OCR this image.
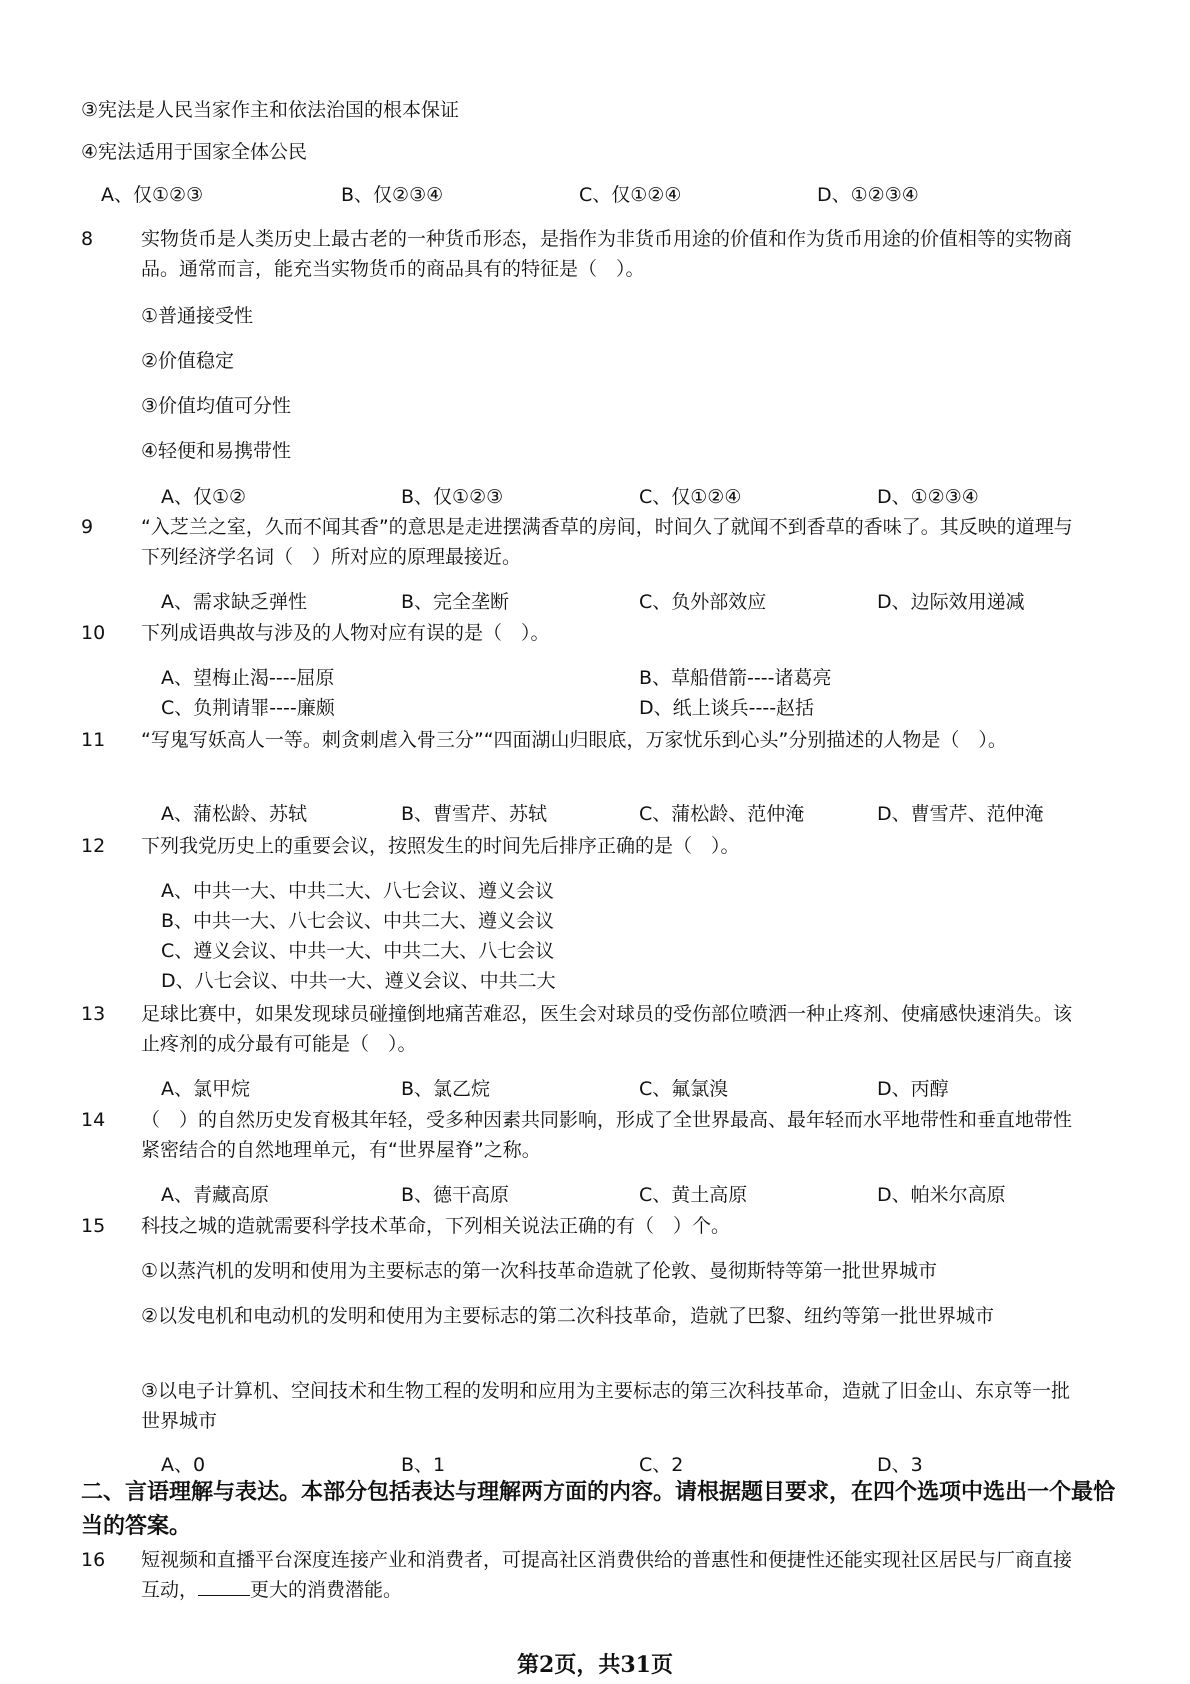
③宪法是人民当家作主和依法治国的根本保证
④宪法适用于国家全体公民
A、仅①②③	B、仅②③④	C、仅①②④	D、①②③④
8	实物货币是人类历史上最古老的一种货币形态，是指作为非货币用途的价值和作为货币用途的价值相等的实物商品。通常而言，能充当实物货币的商品具有的特征是（　）。
①普通接受性
②价值稳定
③价值均值可分性
④轻便和易携带性
A、仅①②	B、仅①②③	C、仅①②④	D、①②③④
9	“入芝兰之室，久而不闻其香”的意思是走进摆满香草的房间，时间久了就闻不到香草的香味了。其反映的道理与下列经济学名词（　）所对应的原理最接近。
A、需求缺乏弹性	B、完全垄断	C、负外部效应	D、边际效用递减
10 下列成语典故与涉及的人物对应有误的是（　）。
A、望梅止渴----屈原	B、草船借箭----诸葛亮
C、负荆请罪----廉颇	D、纸上谈兵----赵括
11 “写鬼写妖高人一等。刺贪刺虐入骨三分”“四面湖山归眼底，万家忧乐到心头”分别描述的人物是（　）。
A、蒲松龄、苏轼	B、曹雪芹、苏轼	C、蒲松龄、范仲淹	D、曹雪芹、范仲淹
12 下列我党历史上的重要会议，按照发生的时间先后排序正确的是（　）。
A、中共一大、中共二大、八七会议、遵义会议
B、中共一大、八七会议、中共二大、遵义会议
C、遵义会议、中共一大、中共二大、八七会议
D、八七会议、中共一大、遵义会议、中共二大
13 足球比赛中，如果发现球员碰撞倒地痛苦难忍，医生会对球员的受伤部位喷洒一种止疼剂、使痛感快速消失。该止疼剂的成分最有可能是（　）。
A、氯甲烷	B、氯乙烷	C、氟氯溴	D、丙醇
14 （　）的自然历史发育极其年轻，受多种因素共同影响，形成了全世界最高、最年轻而水平地带性和垂直地带性紧密结合的自然地理单元，有“世界屋脊”之称。
A、青藏高原	B、德干高原	C、黄土高原	D、帕米尔高原
15 科技之城的造就需要科学技术革命，下列相关说法正确的有（　）个。
①以蒸汽机的发明和使用为主要标志的第一次科技革命造就了伦敦、曼彻斯特等第一批世界城市
②以发电机和电动机的发明和使用为主要标志的第二次科技革命，造就了巴黎、纽约等第一批世界城市
③以电子计算机、空间技术和生物工程的发明和应用为主要标志的第三次科技革命，造就了旧金山、东京等一批世界城市
A、0	B、1	C、2	D、3
二、言语理解与表达。本部分包括表达与理解两方面的内容。请根据题目要求，在四个选项中选出一个最恰当的答案。
16 短视频和直播平台深度连接产业和消费者，可提高社区消费供给的普惠性和便捷性还能实现社区居民与厂商直接互动，	更大的消费潜能。
第2页，共31页
